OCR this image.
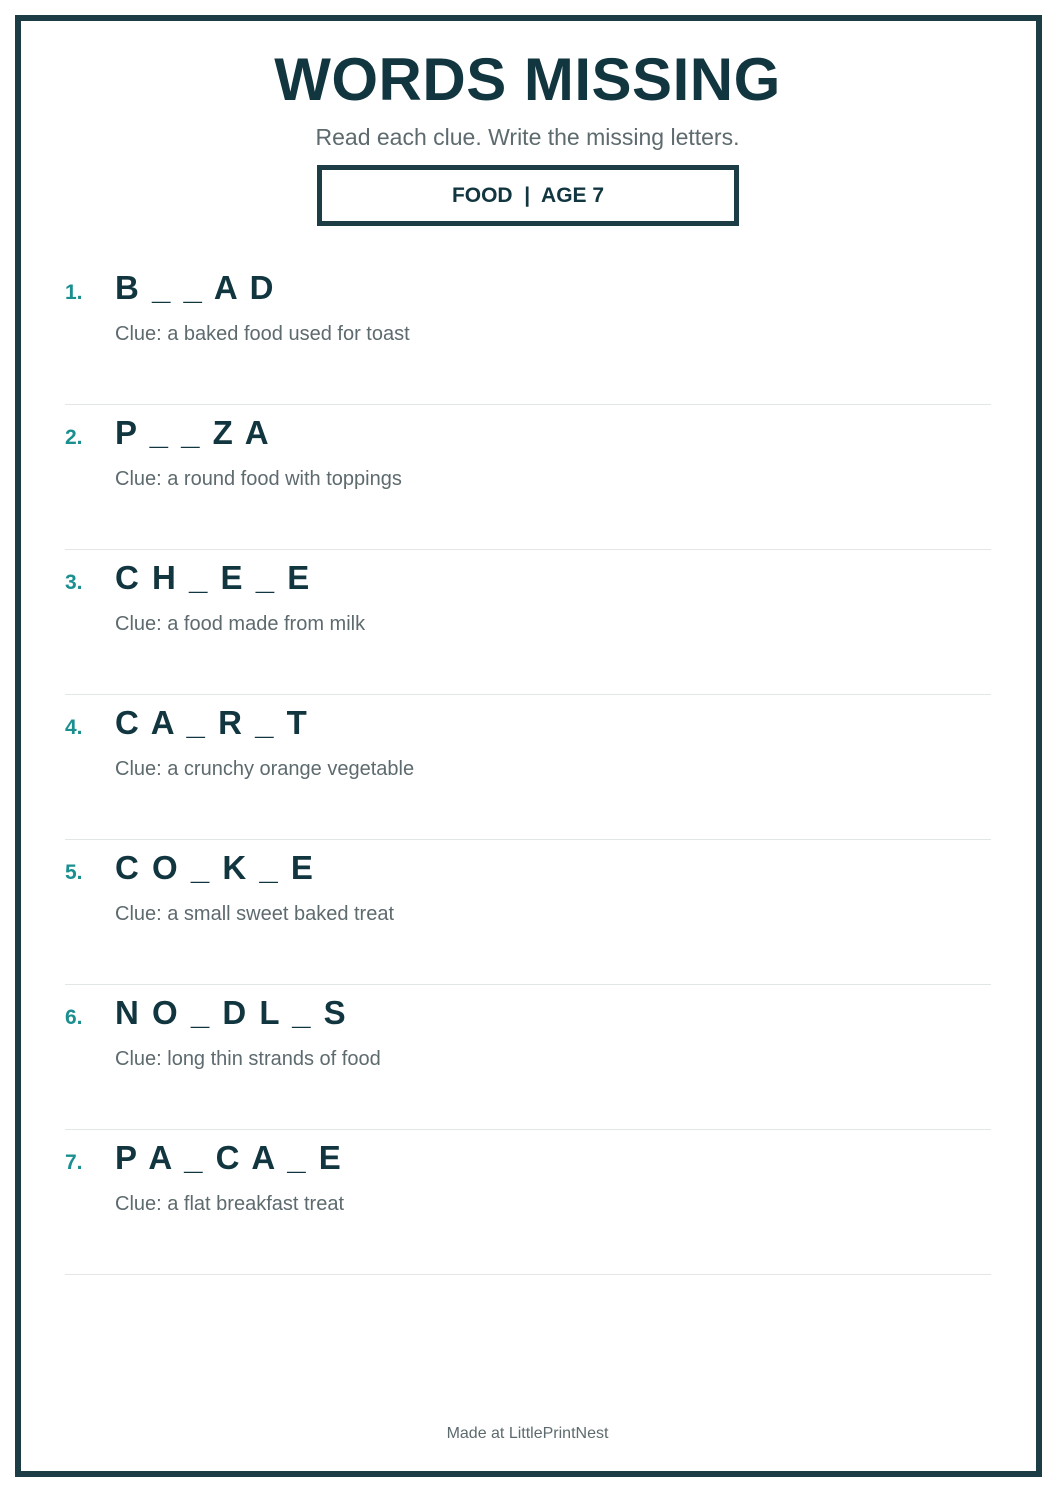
WORDS MISSING
Read each clue. Write the missing letters.
FOOD  |  AGE 7
1. B _ _ A D
Clue: a baked food used for toast
2. P _ _ Z A
Clue: a round food with toppings
3. C H _ E _ E
Clue: a food made from milk
4. C A _ R _ T
Clue: a crunchy orange vegetable
5. C O _ K _ E
Clue: a small sweet baked treat
6. N O _ D L _ S
Clue: long thin strands of food
7. P A _ C A _ E
Clue: a flat breakfast treat
Made at LittlePrintNest
